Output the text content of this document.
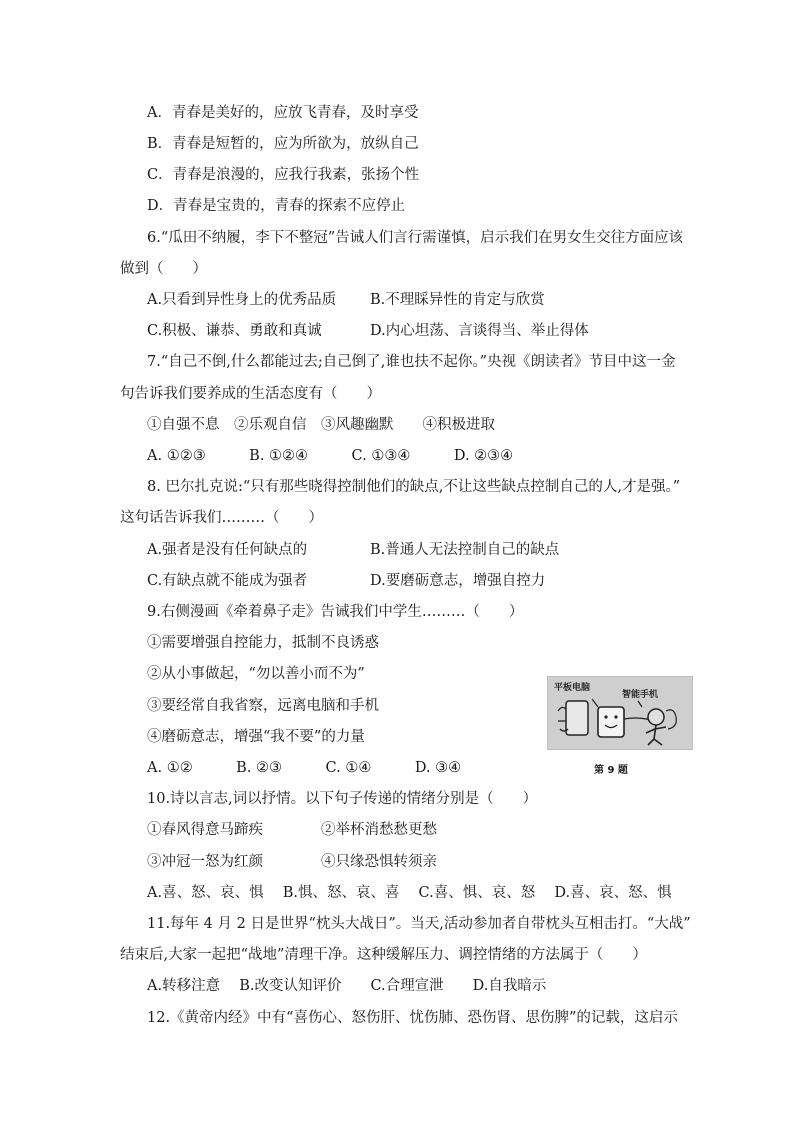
A．青春是美好的，应放飞青春，及时享受
B．青春是短暂的，应为所欲为，放纵自己
C．青春是浪漫的，应我行我素，张扬个性
D．青春是宝贵的，青春的探索不应停止
6.“瓜田不纳履，李下不整冠”告诫人们言行需谨慎，启示我们在男女生交往方面应该
做到（　　）
A.只看到异性身上的优秀品质 B.不理睬异性的肯定与欣赏
C.积极、谦恭、勇敢和真诚	D.内心坦荡、言谈得当、举止得体
7.“自己不倒,什么都能过去;自己倒了,谁也扶不起你。”央视《朗读者》节目中这一金
句告诉我们要养成的生活态度有（　　）
①自强不息　②乐观自信　③风趣幽默　　④积极进取
A. ①②③　　　B. ①②④　　　C. ①③④　　　D. ②③④
8. 巴尔扎克说:“只有那些晓得控制他们的缺点,不让这些缺点控制自己的人,才是强。”
这句话告诉我们………（　　）
A.强者是没有任何缺点的	B.普通人无法控制自己的缺点
C.有缺点就不能成为强者	D.要磨砺意志，增强自控力
9.右侧漫画《牵着鼻子走》告诫我们中学生………（　　）
①需要增强自控能力，抵制不良诱惑
②从小事做起，“勿以善小而不为”
③要经常自我省察，远离电脑和手机
④磨砺意志，增强“我不要”的力量
A. ①②　　　B. ②③　　　C. ①④　　　D. ③④
平板电脑
智能手机
第 9 题
10.诗以言志,词以抒情。以下句子传递的情绪分别是（　　）
①春风得意马蹄疾　　　　②举杯消愁愁更愁
③冲冠一怒为红颜　　　　④只缘恐惧转须亲
A.喜、怒、哀、惧　 B.惧、怒、哀、喜　 C.喜、惧、哀、怒　 D.喜、哀、怒、惧
11.每年 4 月 2 日是世界“枕头大战日”。当天,活动参加者自带枕头互相击打。“大战”
结束后,大家一起把“战地”清理干净。这种缓解压力、调控情绪的方法属于（　　）
A.转移注意　 B.改变认知评价　　C.合理宣泄　　D.自我暗示
12.《黄帝内经》中有“喜伤心、怒伤肝、忧伤肺、恐伤肾、思伤脾”的记载，这启示
